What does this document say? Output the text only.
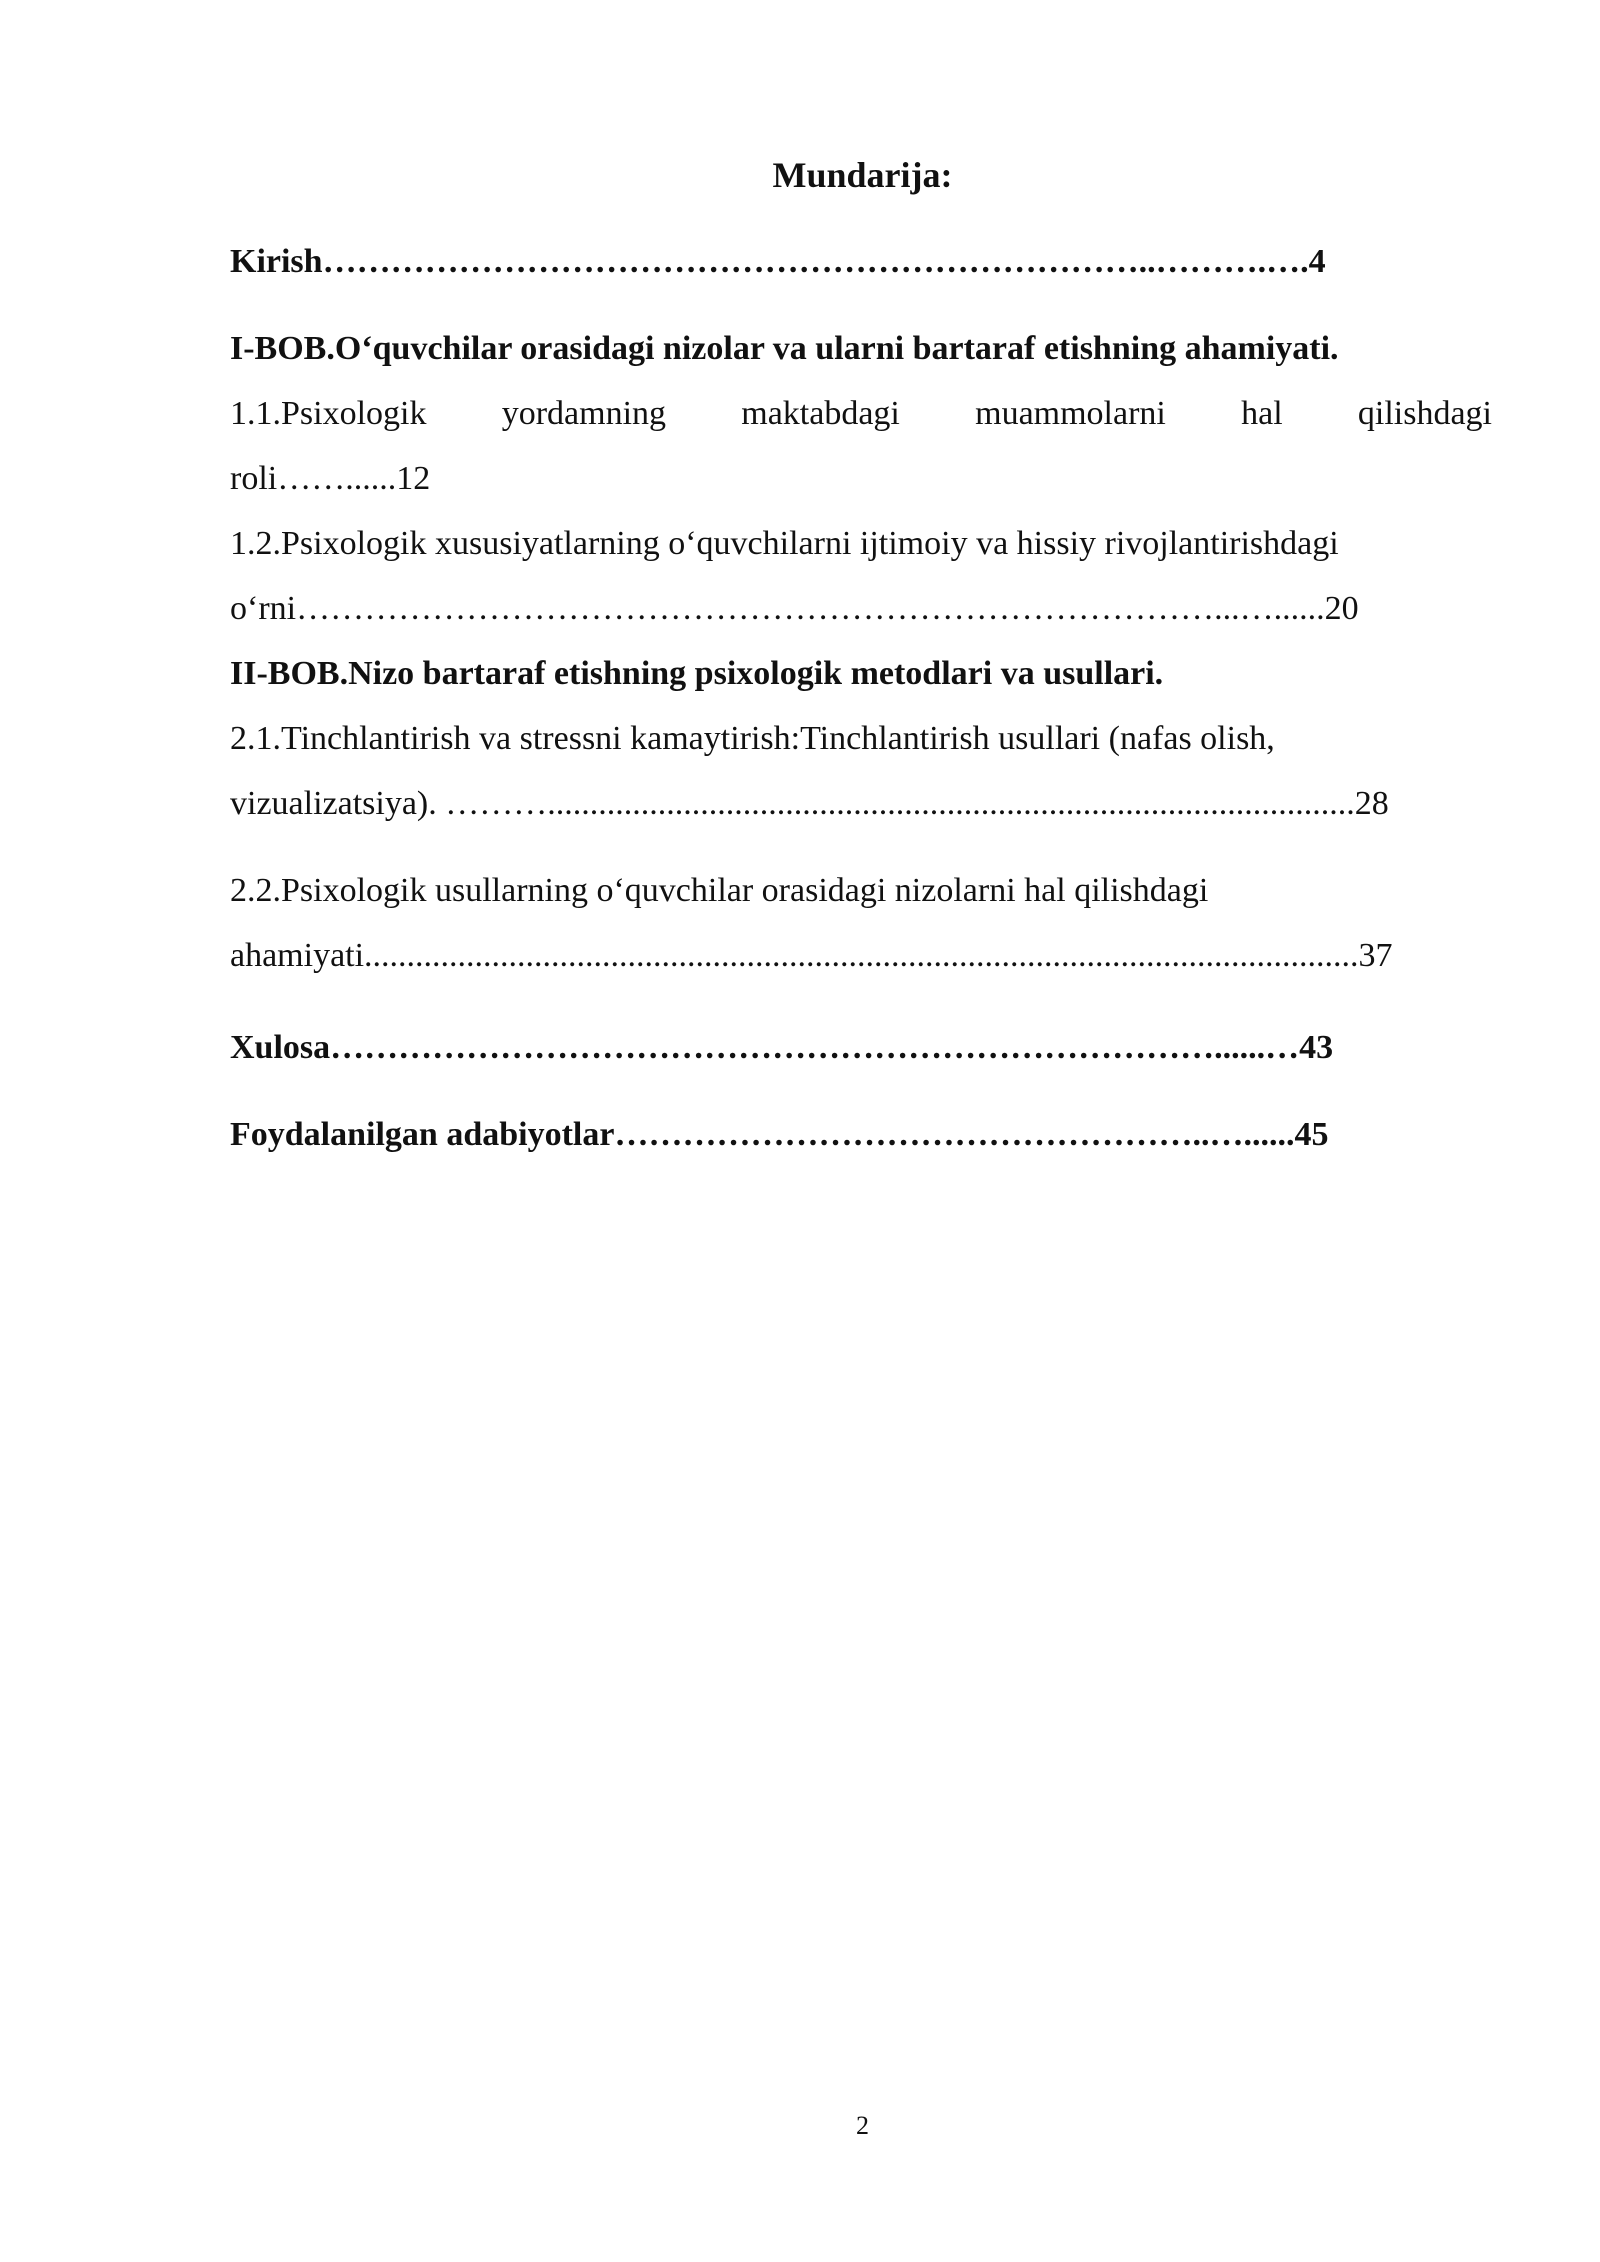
Mundarija:
Kirish………………………………………………………………..……….….4
I-BOB.O‘quvchilar orasidagi nizolar va ularni bartaraf etishning ahamiyati.
1.1.Psixologik yordamning maktabdagi muammolarni hal qilishdagi
roli……......12
1.2.Psixologik xususiyatlarning o‘quvchilarni ijtimoiy va hissiy rivojlantirishdagi
o‘rni………………………………………………………………………...…......20
II-BOB.Nizo bartaraf etishning psixologik metodlari va usullari.
2.1.Tinchlantirish va stressni kamaytirish:Tinchlantirish usullari (nafas olish,
vizualizatsiya). ………...............................................................................................28
2.2.Psixologik usullarning o‘quvchilar orasidagi nizolarni hal qilishdagi
ahamiyati.....................................................................................................................37
Xulosa……………………………………………………………………......…43
Foydalanilgan adabiyotlar……………………………………………..…......45
2
